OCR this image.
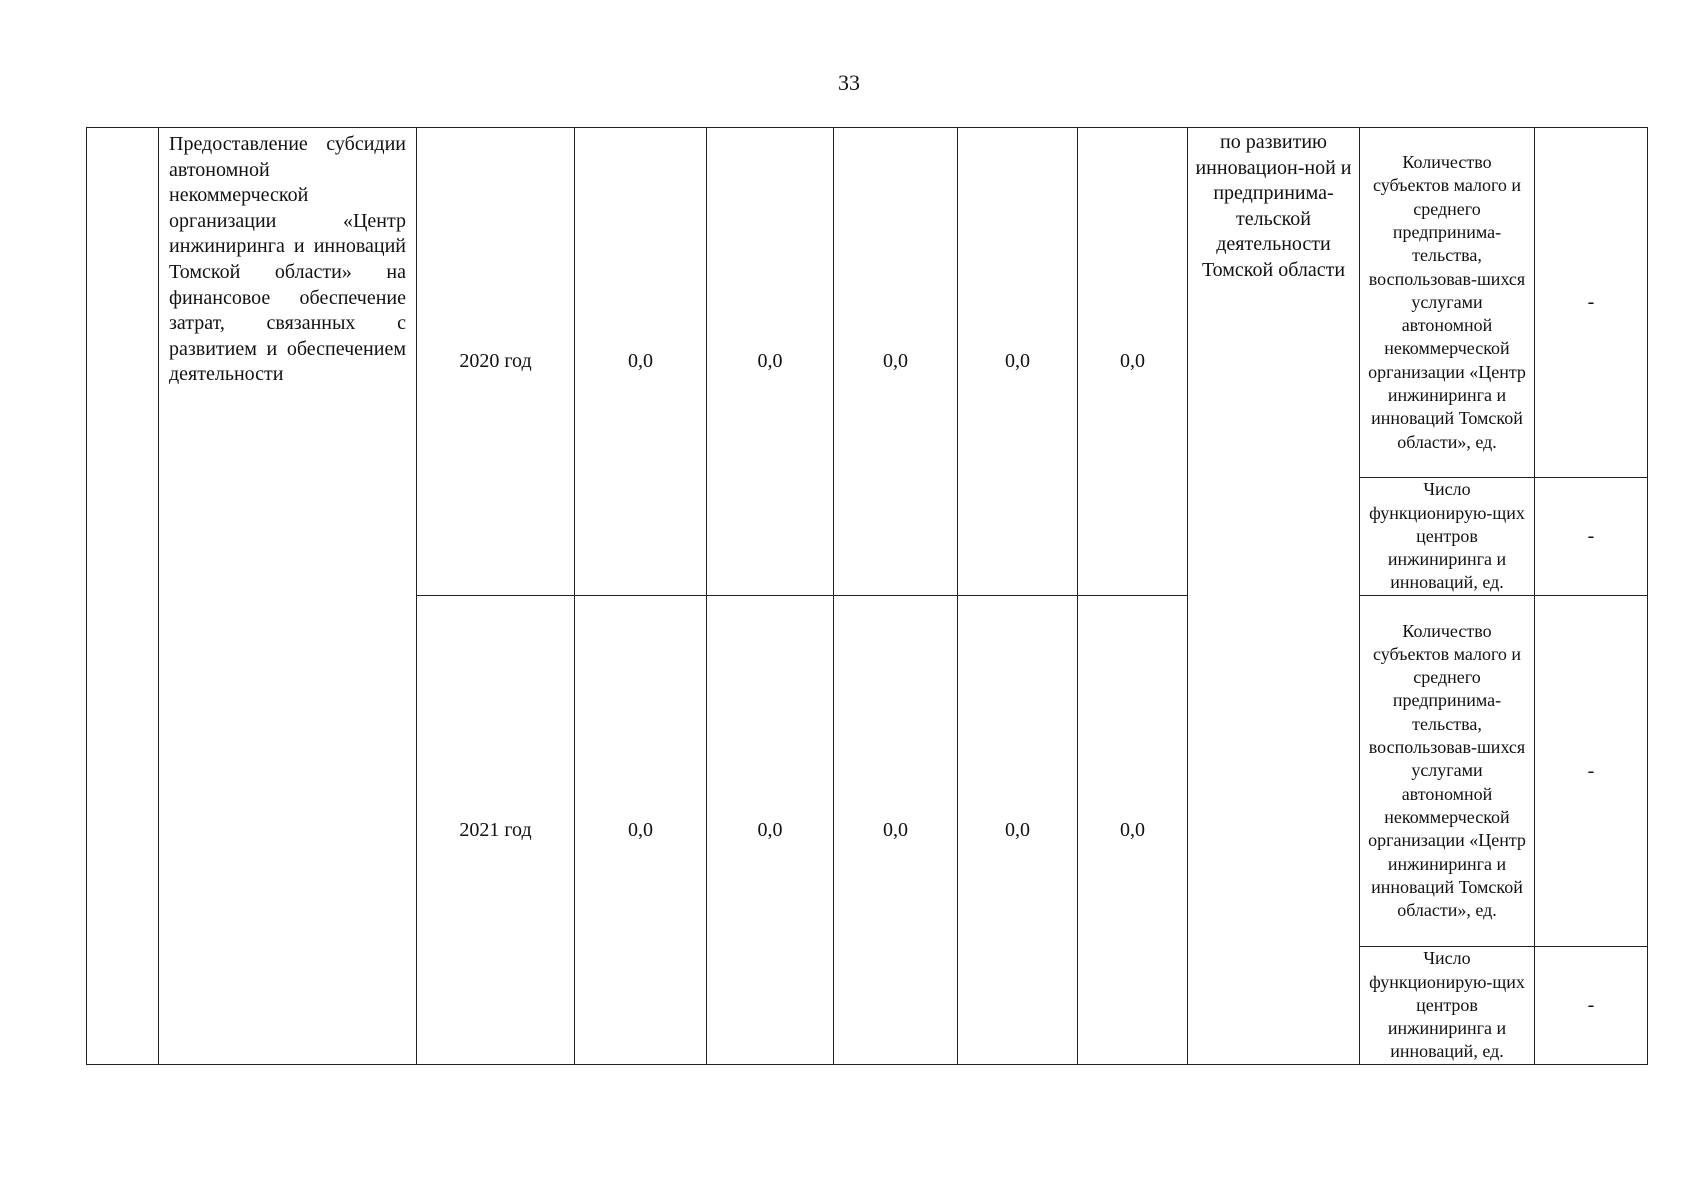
33
	Предоставление субсидии автономной некоммерческой организации «Центр инжиниринга и инноваций Томской области» на финансовое обеспечение затрат, связанных с развитием и обеспечением деятельности	2020 год	0,0	0,0	0,0	0,0	0,0	по развитию инновацион-ной и предпринима-тельской деятельности Томской области	Количество субъектов малого и среднего предпринима-тельства, воспользовав-шихся услугами автономной некоммерческой организации «Центр инжиниринга и инноваций Томской области», ед.	-
									Число функционирую-щих центров инжиниринга и инноваций, ед.	-
		2021 год	0,0	0,0	0,0	0,0	0,0		Количество субъектов малого и среднего предпринима-тельства, воспользовав-шихся услугами автономной некоммерческой организации «Центр инжиниринга и инноваций Томской области», ед.	-
									Число функционирую-щих центров инжиниринга и инноваций, ед.	-
